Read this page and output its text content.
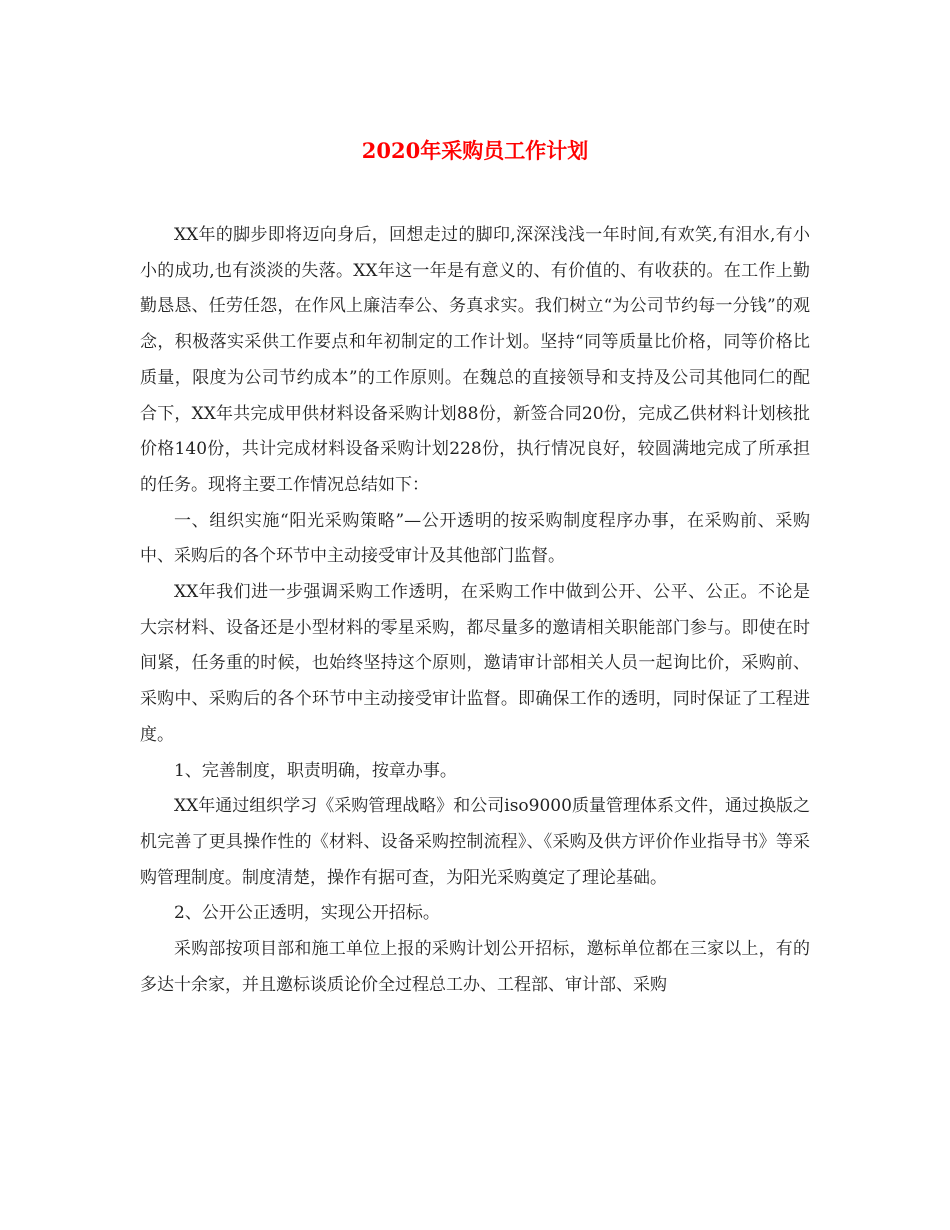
2020年采购员工作计划

XX年的脚步即将迈向身后，回想走过的脚印,深深浅浅一年时间,有欢笑,有泪水,有小小的成功,也有淡淡的失落。XX年这一年是有意义的、有价值的、有收获的。在工作上勤勤恳恳、任劳任怨，在作风上廉洁奉公、务真求实。我们树立“为公司节约每一分钱”的观念，积极落实采供工作要点和年初制定的工作计划。坚持“同等质量比价格，同等价格比质量，限度为公司节约成本”的工作原则。在魏总的直接领导和支持及公司其他同仁的配合下，XX年共完成甲供材料设备采购计划88份，新签合同20份，完成乙供材料计划核批价格140份，共计完成材料设备采购计划228份，执行情况良好，较圆满地完成了所承担的任务。现将主要工作情况总结如下：

一、组织实施“阳光采购策略”—公开透明的按采购制度程序办事，在采购前、采购中、采购后的各个环节中主动接受审计及其他部门监督。

XX年我们进一步强调采购工作透明，在采购工作中做到公开、公平、公正。不论是大宗材料、设备还是小型材料的零星采购，都尽量多的邀请相关职能部门参与。即使在时间紧，任务重的时候，也始终坚持这个原则，邀请审计部相关人员一起询比价，采购前、采购中、采购后的各个环节中主动接受审计监督。即确保工作的透明，同时保证了工程进度。

1、完善制度，职责明确，按章办事。

XX年通过组织学习《采购管理战略》和公司iso9000质量管理体系文件，通过换版之机完善了更具操作性的《材料、设备采购控制流程》、《采购及供方评价作业指导书》等采购管理制度。制度清楚，操作有据可查，为阳光采购奠定了理论基础。

2、公开公正透明，实现公开招标。

采购部按项目部和施工单位上报的采购计划公开招标，邀标单位都在三家以上，有的多达十余家，并且邀标谈质论价全过程总工办、工程部、审计部、采购
